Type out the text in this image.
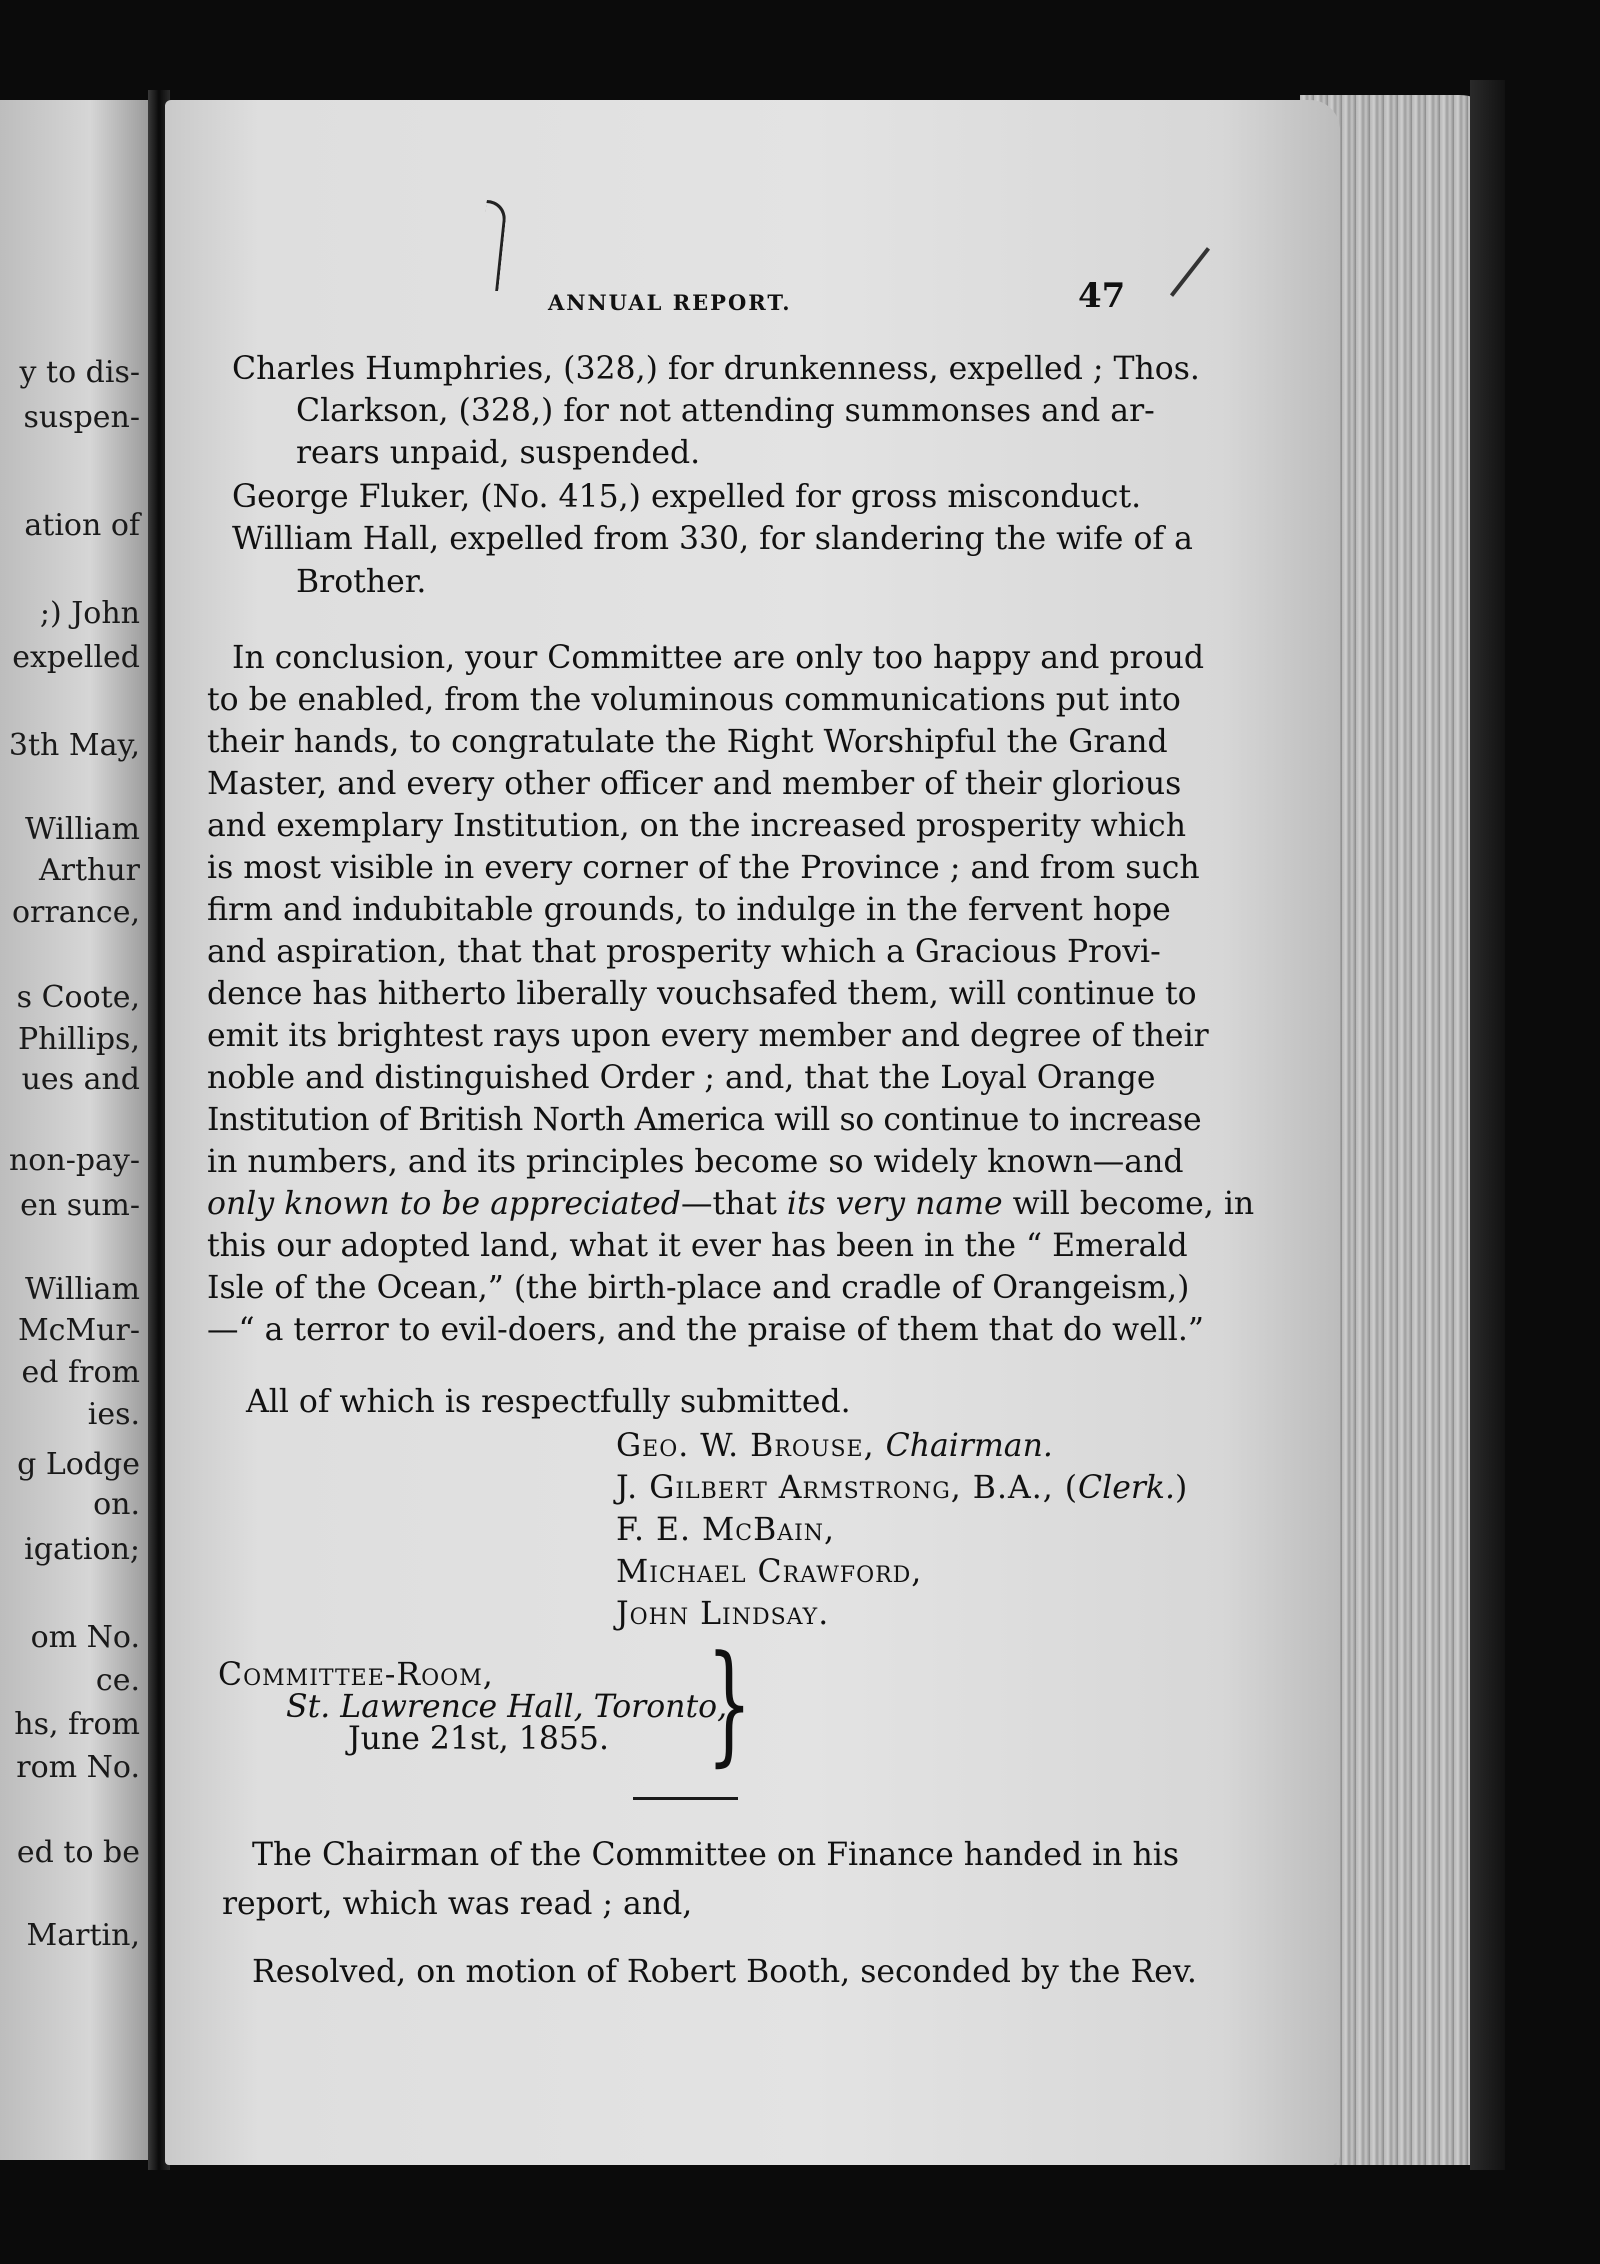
y to dis-
suspen-
ation of
;) John
expelled
3th May,
William
Arthur
orrance,
s Coote,
Phillips,
ues and
non-pay-
en sum-
William
McMur-
ed from
ies.
g Lodge
on.
igation;
om No.
ce.
hs, from
rom No.
ed to be
Martin,
ANNUAL REPORT.	47
Charles Humphries, (328,) for drunkenness, expelled ; Thos.
Clarkson, (328,) for not attending summonses and ar-
rears unpaid, suspended.
George Fluker, (No. 415,) expelled for gross misconduct.
William Hall, expelled from 330, for slandering the wife of a
Brother.
In conclusion, your Committee are only too happy and proud
to be enabled, from the voluminous communications put into
their hands, to congratulate the Right Worshipful the Grand
Master, and every other officer and member of their glorious
and exemplary Institution, on the increased prosperity which
is most visible in every corner of the Province ; and from such
firm and indubitable grounds, to indulge in the fervent hope
and aspiration, that that prosperity which a Gracious Provi-
dence has hitherto liberally vouchsafed them, will continue to
emit its brightest rays upon every member and degree of their
noble and distinguished Order ; and, that the Loyal Orange
Institution of British North America will so continue to increase
in numbers, and its principles become so widely known—and
only known to be appreciated—that its very name will become, in
this our adopted land, what it ever has been in the “ Emerald
Isle of the Ocean,” (the birth-place and cradle of Orangeism,)
—“ a terror to evil-doers, and the praise of them that do well.”
All of which is respectfully submitted.
Geo. W. Brouse, Chairman.
J. Gilbert Armstrong, B.A., (Clerk.)
F. E. McBain,
Michael Crawford,
John Lindsay.
Committee-Room,
St. Lawrence Hall, Toronto,
June 21st, 1855. }
The Chairman of the Committee on Finance handed in his
report, which was read ; and,
Resolved, on motion of Robert Booth, seconded by the Rev.
